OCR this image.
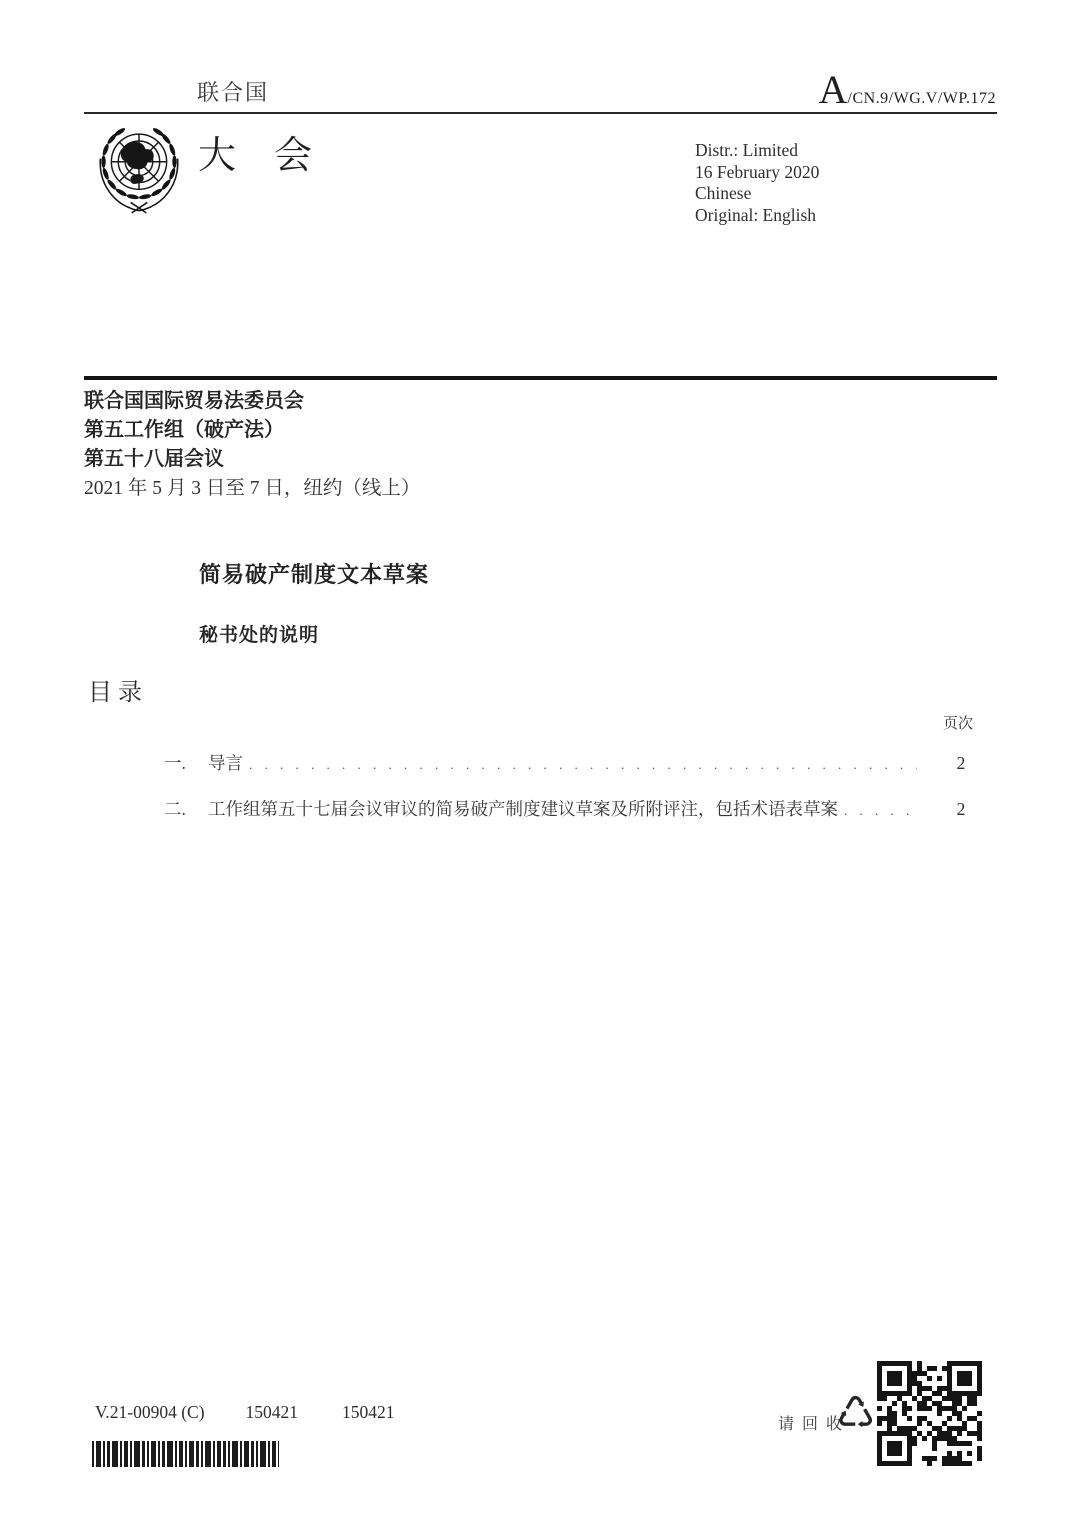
联合国	A /CN.9/WG.V/WP.172
大　会	Distr.: Limited
16 February 2020
Chinese
Original: English
联合国国际贸易法委员会
第五工作组（破产法）
第五十八届会议
2021 年 5 月 3 日至 7 日，纽约（线上）
简易破产制度文本草案
秘书处的说明
目录
页次
一.	导言 . . .	2
二.	工作组第五十七届会议审议的简易破产制度建议草案及所附评注，包括术语表草案 . . .	2
V.21-00904 (C) 150421	150421
请回收
♺
